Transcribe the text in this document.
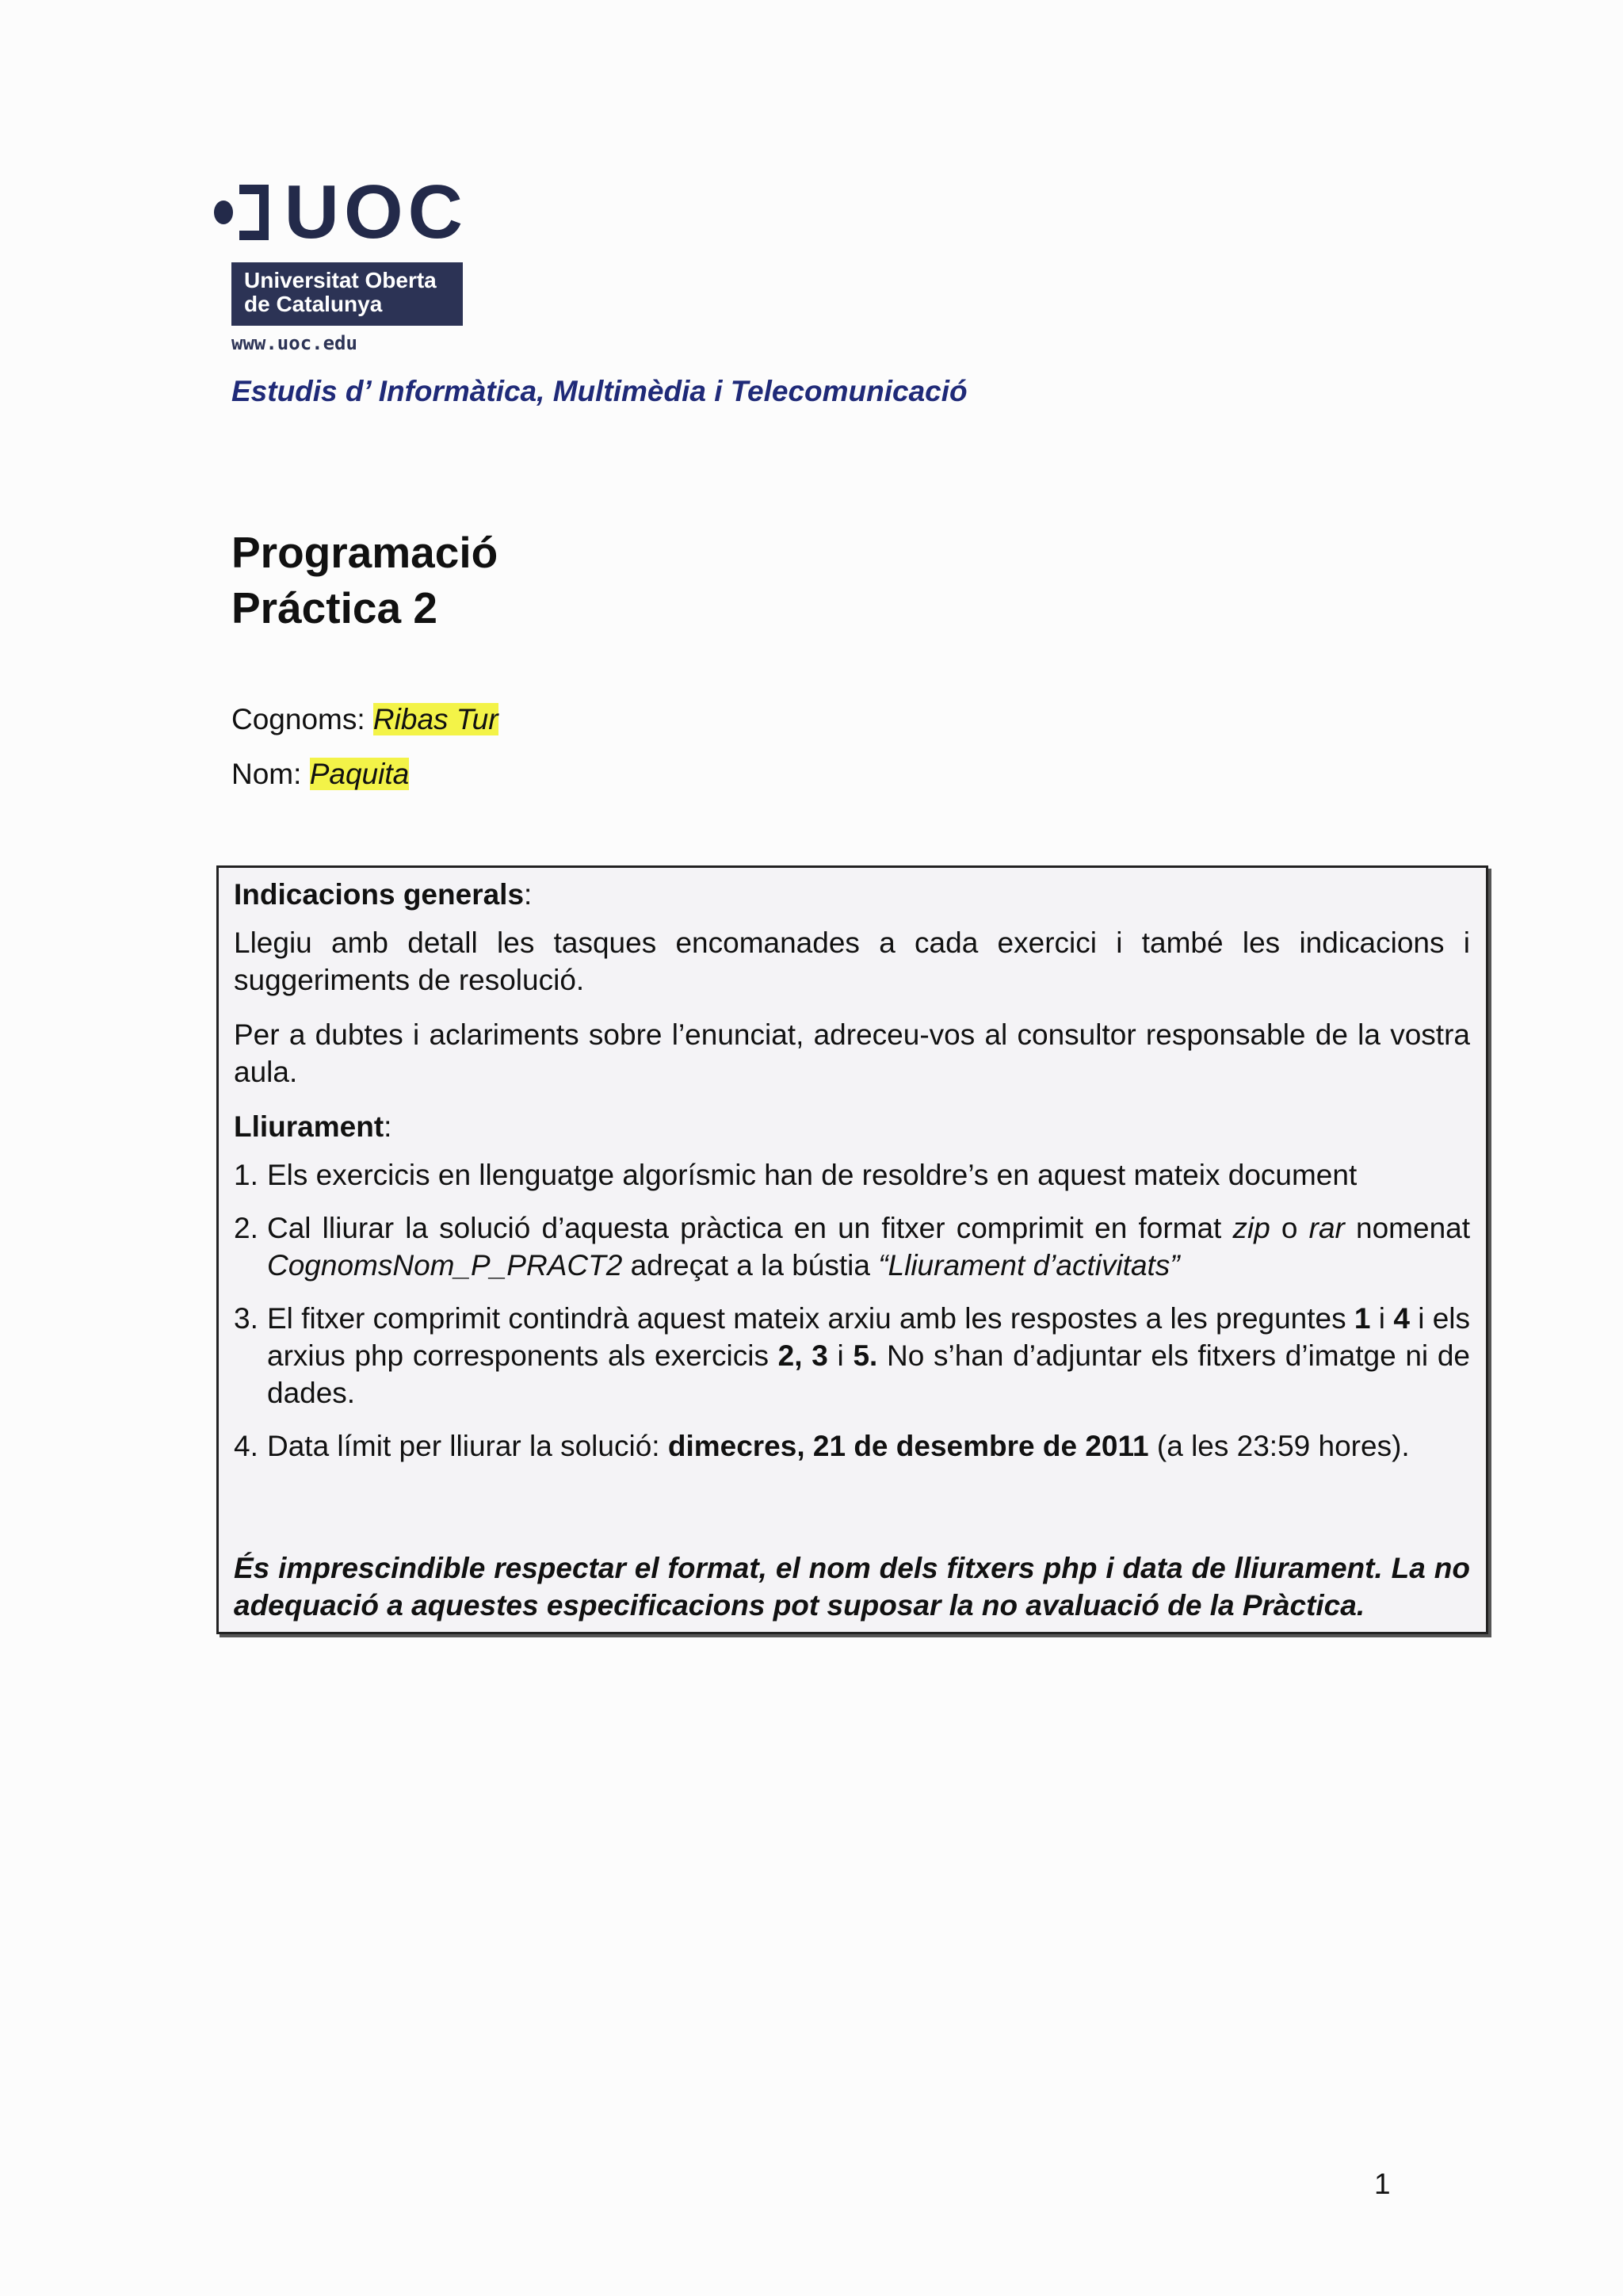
UOC
Universitat Oberta
de Catalunya
www.uoc.edu
Estudis d’ Informàtica, Multimèdia i Telecomunicació
Programació
Práctica 2
Cognoms: Ribas Tur
Nom: Paquita

Indicacions generals:

Llegiu amb detall les tasques encomanades a cada exercici i també les indicacions i suggeriments de resolució.

Per a dubtes i aclariments sobre l’enunciat, adreceu-vos al consultor responsable de la vostra aula.

Lliurament:

1. Els exercicis en llenguatge algorísmic han de resoldre’s en aquest mateix document
2. Cal lliurar la solució d’aquesta pràctica en un fitxer comprimit en format zip o rar nomenat CognomsNom_P_PRACT2 adreçat a la bústia “Lliurament d’activitats”
3. El fitxer comprimit contindrà aquest mateix arxiu amb les respostes a les preguntes 1 i 4 i els arxius php corresponents als exercicis 2, 3 i 5. No s’han d’adjuntar els fitxers d’imatge ni de dades.
4. Data límit per lliurar la solució: dimecres, 21 de desembre de 2011 (a les 23:59 hores).
És imprescindible respectar el format, el nom dels fitxers php i data de lliurament. La no adequació a aquestes especificacions pot suposar la no avaluació de la Pràctica.
1
